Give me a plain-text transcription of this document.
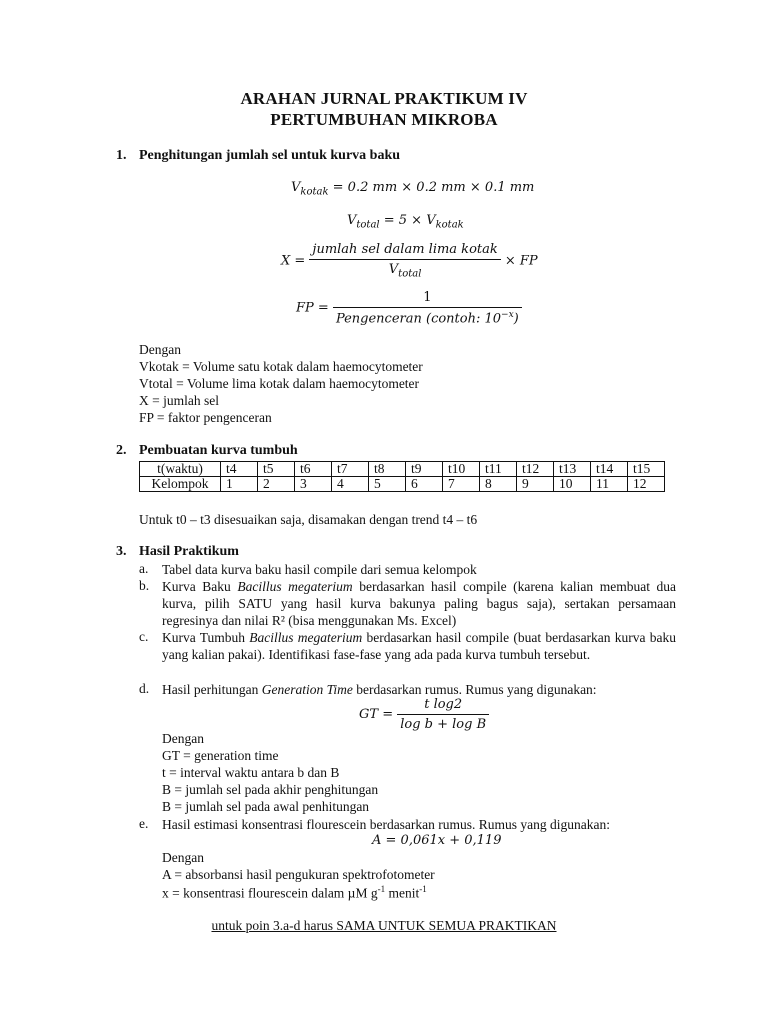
ARAHAN JURNAL PRAKTIKUM IV
PERTUMBUHAN MIKROBA
1. Penghitungan jumlah sel untuk kurva baku
$V_{kotak} = 0.2$ mm × 0.2 mm × 0.1 mm
$V_{total} = 5 \times V_{kotak}$
$X = \frac{\text{jumlah sel dalam lima kotak}}{V_{total}}$ × FP
FP = $\frac{1}{Pengenceran (contoh: 10^{-x})}$
Dengan
Vkotak = Volume satu kotak dalam haemocytometer
Vtotal = Volume lima kotak dalam haemocytometer
X = jumlah sel
FP = faktor pengenceran
2. Pembuatan kurva tumbuh
t(waktu)	t4	t5	t6	t7	t8	t9	t10	t11	t12	t13	t14	t15
Kelompok	1	2	3	4	5	6	7	8	9	10	11	12
Untuk t0 – t3 disesuaikan saja, disamakan dengan trend t4 – t6
3. Hasil Praktikum
a. Tabel data kurva baku hasil compile dari semua kelompok
b. Kurva Baku Bacillus megaterium berdasarkan hasil compile (karena kalian membuat dua kurva, pilih SATU yang hasil kurva bakunya paling bagus saja), sertakan persamaan regresinya dan nilai R² (bisa menggunakan Ms. Excel)
c. Kurva Tumbuh Bacillus megaterium berdasarkan hasil compile (buat berdasarkan kurva baku yang kalian pakai). Identifikasi fase-fase yang ada pada kurva tumbuh tersebut.
d. Hasil perhitungan Generation Time berdasarkan rumus. Rumus yang digunakan:
GT = $\frac{\text{t log2}}{\text{log b + log B}}$
Dengan
GT = generation time
t = interval waktu antara b dan B
B = jumlah sel pada akhir penghitungan
B = jumlah sel pada awal penhitungan
e. Hasil estimasi konsentrasi flourescein berdasarkan rumus. Rumus yang digunakan:
A = 0,061x + 0,119
Dengan
A = absorbansi hasil pengukuran spektrofotometer
x = konsentrasi flourescein dalam µM $g^{-1}$ menit$^{-1}$
untuk poin 3.a-d harus SAMA UNTUK SEMUA PRAKTIKAN
